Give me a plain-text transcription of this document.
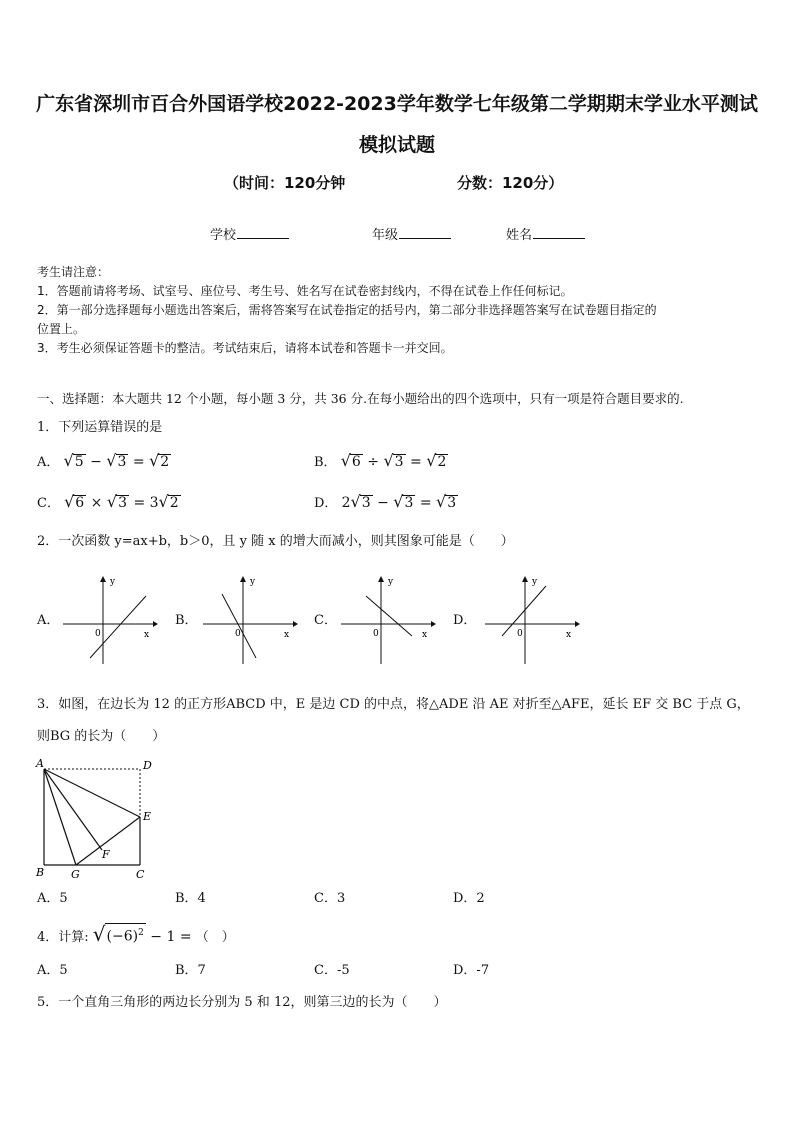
广东省深圳市百合外国语学校2022-2023学年数学七年级第二学期期末学业水平测试
模拟试题
（时间：120分钟	分数：120分）
学校	年级	姓名
考生请注意：
1．答题前请将考场、试室号、座位号、考生号、姓名写在试卷密封线内，不得在试卷上作任何标记。
2．第一部分选择题每小题选出答案后，需将答案写在试卷指定的括号内，第二部分非选择题答案写在试卷题目指定的
位置上。
3．考生必须保证答题卡的整洁。考试结束后，请将本试卷和答题卡一并交回。
一、选择题：本大题共 12 个小题，每小题 3 分，共 36 分.在每小题给出的四个选项中，只有一项是符合题目要求的.
1．下列运算错误的是
A． √5 − √3 = √2	B． √6 ÷ √3 = √2
C． √6 × √3 = 3√2	D． 2√3 − √3 = √3
2．一次函数 y=ax+b，b＞0，且 y 随 x 的增大而减小，则其图象可能是（　　）
A．
y
x
0
B．
y
x
0
C．
y
x
0
D．
y
x
0
3．如图，在边长为 12 的正方形ABCD 中，E 是边 CD 的中点，将△ADE 沿 AE 对折至△AFE，延长 EF 交 BC 于点 G，
则BG 的长为（　　）
A	D
E
F
B G	C
A．5	B．4	C．3	D．2
4．计算: $√(-6)^2 - 1$ = （　）
A．5	B．7	C．-5	D．-7
5．一个直角三角形的两边长分别为 5 和 12，则第三边的长为（　　）
